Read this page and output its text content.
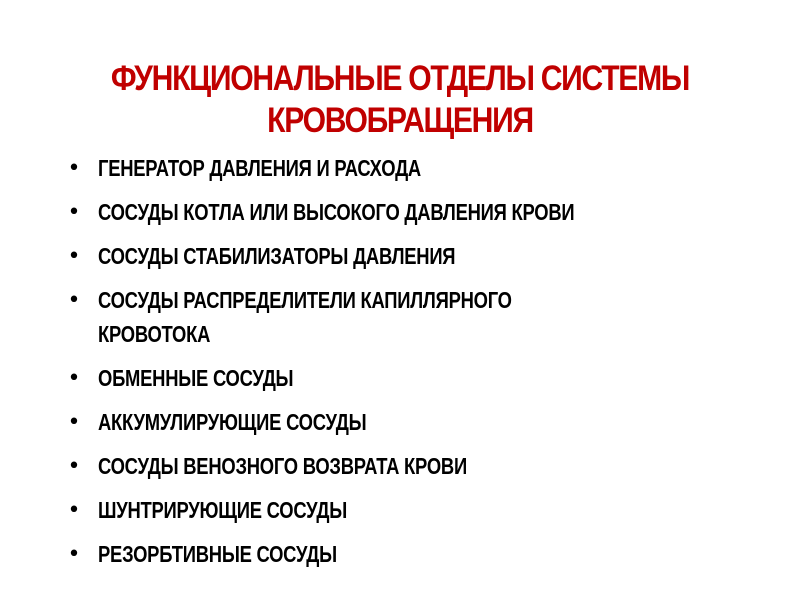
ФУНКЦИОНАЛЬНЫЕ ОТДЕЛЫ СИСТЕМЫ
КРОВОБРАЩЕНИЯ
• ГЕНЕРАТОР ДАВЛЕНИЯ И РАСХОДА
• СОСУДЫ КОТЛА ИЛИ ВЫСОКОГО ДАВЛЕНИЯ КРОВИ
• СОСУДЫ СТАБИЛИЗАТОРЫ ДАВЛЕНИЯ
• СОСУДЫ РАСПРЕДЕЛИТЕЛИ КАПИЛЛЯРНОГО
КРОВОТОКА
• ОБМЕННЫЕ СОСУДЫ
• АККУМУЛИРУЮЩИЕ СОСУДЫ
• СОСУДЫ ВЕНОЗНОГО ВОЗВРАТА КРОВИ
• ШУНТРИРУЮЩИЕ СОСУДЫ
• РЕЗОРБТИВНЫЕ СОСУДЫ
